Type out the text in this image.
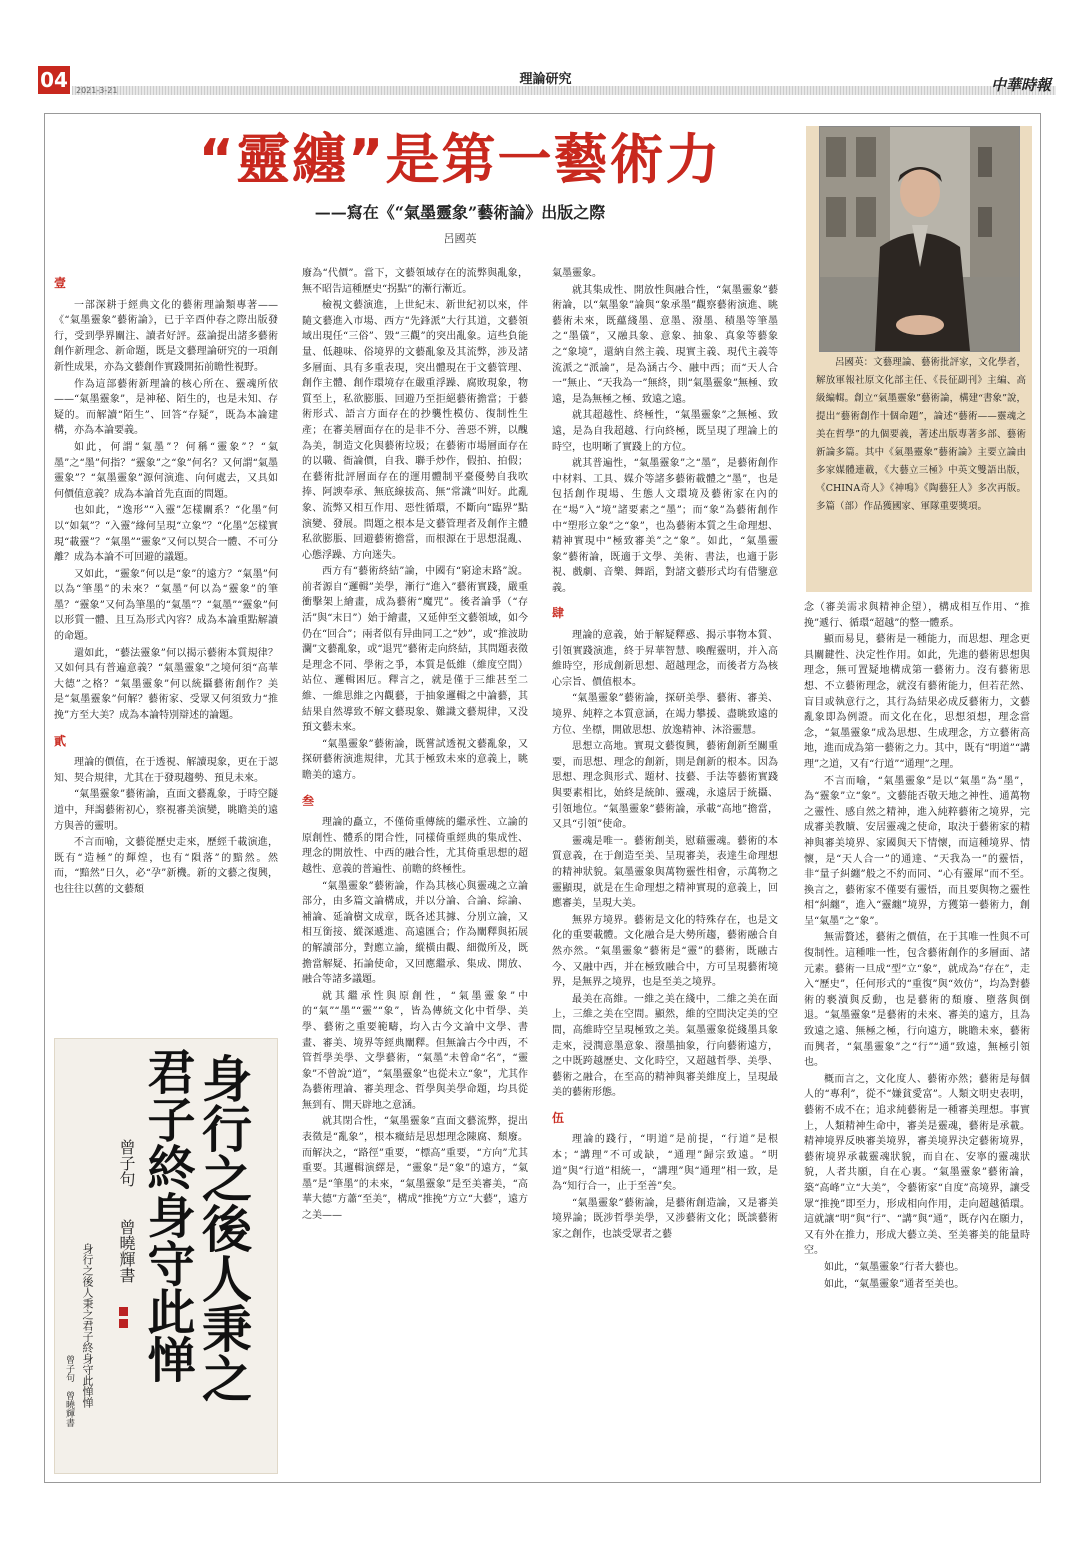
04 2021-3-21
理論研究	中華時報
“靈纏”是第一藝術力
——寫在《“氣墨靈象”藝術論》出版之際
呂國英
壹

一部深耕于經典文化的藝術理論類專著——《“氣墨靈象”藝術論》，已于辛酉仲春之際出版發行，受到學界關注、讀者好評。茲論提出諸多藝術創作新理念、新命題，既是文藝理論研究的一項創新性成果，亦為文藝創作實踐開拓前瞻性視野。

作為這部藝術新理論的核心所在、靈魂所依——“氣墨靈象”，是神秘、陌生的，也是未知、存疑的。而解讀“陌生”、回答“存疑”，既為本論建構，亦為本論要義。

如此，何謂“氣墨”？何稱“靈象”？“氣墨”之“墨”何指？“靈象”之“象”何名？又何謂“氣墨靈象”？“氣墨靈象”源何演進、向何處去，又具如何價值意義？成為本論首先直面的問題。

也如此，“逸形”“入靈”怎樣關系？“化墨”何以“如氣”？“入靈”緣何呈現“立象”？“化墨”怎樣實現“載靈”？“氣墨”“靈象”又何以契合一體、不可分離？成為本論不可回避的議題。

又如此，“靈象”何以是“象”的遠方？“氣墨”何以為“筆墨”的未來？“氣墨”何以為“靈象”的筆墨？“靈象”又何為筆墨的“氣墨”？“氣墨”“靈象”何以形質一體、且互為形式內容？成為本論重點解讀的命題。

還如此，“藝法靈象”何以揭示藝術本質規律？又如何具有普遍意義？“氣墨靈象”之境何須“高華大德”之格？“氣墨靈象”何以統攝藝術創作？美是“氣墨靈象”何解？藝術家、受眾又何須致力“推挽”方至大美？成為本論特別辯述的論題。

貳

理論的價值，在于透視、解讀現象，更在于認知、契合規律，尤其在于發現趨勢、預見未來。

“氣墨靈象”藝術論，直面文藝亂象，于時空隧道中，拜謁藝術初心，察視審美演變，眺瞻美的遠方與善的靈明。

不言而喻，文藝從歷史走來，歷經千載演進，既有“造極”的輝煌，也有“隕落”的黯然。然而，“黯然”日久，必“孕”新機。新的文藝之復興，也往往以舊的文藝頹

廢為“代價”。當下，文藝領域存在的流弊與亂象，無不昭告這種歷史“拐點”的漸行漸近。

檢視文藝演進，上世紀末、新世紀初以來，伴隨文藝進入市場、西方“先鋒派”大行其道，文藝領域出現任“三俗”、毀“三觀”的突出亂象。這些負能量、低趣味、俗境界的文藝亂象及其流弊，涉及諸多層面、具有多重表現，突出體現在于文藝管理、創作主體、創作環境存在嚴重浮躁、腐敗現象，物質至上，私欲膨脹、回避乃至拒絕藝術擔當；于藝術形式、語言方面存在的抄襲性模仿、復制性生產；在審美層面存在的是非不分、善惡不辨，以醜為美，制造文化與藝術垃圾；在藝術市場層面存在的以職、衙論價，自我、聯手炒作，假拍、拍假；在藝術批評層面存在的運用體制平臺優勢自我吹捧、阿諛奉承、無底線拔高、無“常識”叫好。此亂象、流弊又相互作用、惡性循環，不斷向“臨界”點演變、發展。問題之根本是文藝管理者及創作主體私欲膨脹、回避藝術擔當，而根源在于思想混亂、心態浮躁、方向迷失。

西方有“藝術終結”論，中國有“窮途末路”說。前者源自“邏輯”美學，漸行“進入”藝術實踐，嚴重衝擊架上繪畫，成為藝術“魔咒”。後者論爭（“存活”與“末日”）始于繪畫，又延伸至文藝領域，如今仍在“回合”；兩者似有异曲同工之“妙”，或“推波助瀾”文藝亂象，或“退咒”藝術走向終結，其問題表徵是理念不同、學術之爭，本質是低維（維度空間）站位、邏輯困厄。釋言之，就是僅于三維甚至二維、一維思維之內觀藝，于抽象邏輯之中論藝，其結果自然導致不解文藝現象、難識文藝規律，又没預文藝未來。

“氣墨靈象”藝術論，既嘗試透視文藝亂象，又探研藝術演進規律，尤其于極致未來的意義上，眺瞻美的遠方。

叁

理論的矗立，不僅倚重傳統的繼承性、立論的原創性、體系的閉合性，同樣倚重經典的集成性、理念的開放性、中西的融合性，尤其倚重思想的超越性、意義的普遍性、前瞻的終極性。

“氣墨靈象”藝術論，作為其核心與靈魂之立論部分，由多篇文論構成，并以分論、合論、綜論、補論、延論樹文成章，既各述其據、分別立論，又相互銜接、縱深遞進、高遠匯合；作為闡釋與拓展的解讀部分，對應立論，縱橫由觀、細微所及，既擔當解疑、拓論使命，又回應繼承、集成、開放、融合等諸多議題。

就其繼承性與原創性，“氣墨靈象”中的“氣”“墨”“靈”“象”，皆為傳統文化中哲學、美學、藝術之重要範疇，均入古今文論中文學、書畫、審美、境界等經典闡釋。但無論古今中西，不管哲學美學、文學藝術，“氣墨”未曾命“名”，“靈象”不曾說“道”，“氣墨靈象”也從未立“象”，尤其作為藝術理論、審美理念、哲學與美學命題，均具從無到有、開天辟地之意涵。

就其閉合性，“氣墨靈象”直面文藝流弊，提出表徵是“亂象”，根本癥結是思想理念陳腐、頹廢。而解決之，“路徑”重要，“標高”重要，“方向”尤其重要。其邏輯演繹是，“靈象”是“象”的遠方，“氣墨”是“筆墨”的未來，“氣墨靈象”是至美審美，“高華大德”方蕭“至美”，構成“推挽”方立“大藝”，遠方之美——

氣墨靈象。

就其集成性、開放性與融合性，“氣墨靈象”藝術論，以“氣墨象”論與“象承墨”觀察藝術演進、眺藝術未來，既蘊綫墨、意墨、潑墨、積墨等筆墨之“墨儀”，又融具象、意象、抽象、真象等藝象之“象境”，還納自然主義、現實主義、現代主義等流派之“派論”，是為涵古今、融中西；而“天人合一”無止、“天我為一”無終，則“氣墨靈象”無極、致遠，是為無極之極、致遠之遠。

就其超越性、終極性，“氣墨靈象”之無極、致遠，是為自我超越、行向終極，既呈現了理論上的時空，也明晰了實踐上的方位。

就其普遍性，“氣墨靈象”之“墨”，是藝術創作中材料、工具、媒介等諸多藝術載體之“墨”，也是包括創作現場、生態人文環境及藝術家在內的在“場”入“境”諸要素之“墨”；而“象”為藝術創作中“塑形立象”之“象”，也為藝術本質之生命理想、精神實現中“極致審美”之“象”。如此，“氣墨靈象”藝術論，既適于文學、美術、書法，也適于影視、戲劇、音樂、舞蹈，對諸文藝形式均有借鑒意義。

肆

理論的意義，始于解疑釋惑、揭示事物本質、引領實踐演進，終于昇華智慧、喚醒靈明，并入高維時空，形成創新思想、超越理念，而後者方為核心宗旨、價值根本。

“氣墨靈象”藝術論，探研美學、藝術、審美、境界、純粹之本質意涵，在竭力攀援、盡眺致遠的方位、坐標，開啟思想、放逸精神、沐浴靈慧。

思想立高地。實現文藝復興，藝術創新至關重要，而思想、理念的創新，則是創新的根本。因為思想、理念與形式、題材、技藝、手法等藝術實踐與要素相比，始終是統帥、靈魂，永遠居于統攝、引領地位。“氣墨靈象”藝術論，承載“高地”擔當，又具“引領”使命。

靈魂是唯一。藝術創美，慰藉靈魂。藝術的本質意義，在于創造至美、呈現審美，表達生命理想的精神狀貌。氣墨靈象與萬物靈性相會，示萬物之靈顯現，就是在生命理想之精神實現的意義上，回應審美，呈現大美。

無界方境界。藝術是文化的特殊存在，也是文化的重要載體。文化融合是大勢所趨，藝術融合自然亦然。“氣墨靈象”藝術是“靈”的藝術，既融古今、又融中西，并在極致融合中，方可呈現藝術境界，是無界之境界，也是至美之境界。

最美在高維。一維之美在綫中，二維之美在面上，三維之美在空間。顯然，維的空間決定美的空間，高維時空呈現極致之美。氣墨靈象從綫墨具象走來，浸潤意墨意象、潑墨抽象，行向藝術遠方，之中既跨越歷史、文化時空，又超越哲學、美學、藝術之融合，在至高的精神與審美維度上，呈現最美的藝術形態。

伍

理論的踐行，“明道”是前提，“行道”是根本；“講理”不可或缺，“通理”歸宗致遠。“明道”與“行道”相統一，“講理”與“通理”相一致，是為“知行合一，止于至善”矣。

“氣墨靈象”藝術論，是藝術創造論，又是審美境界論；既涉哲學美學，又涉藝術文化；既談藝術家之創作，也談受眾者之藝

呂國英：文藝理論、藝術批評家，文化學者，解放軍報社原文化部主任、《長征副刊》主編、高級編輯。創立“氣墨靈象”藝術論，構建“書象”說，提出“藝術創作十個命題”，論述“藝術——靈魂之美在哲學”的九個要義，著述出版專著多部、藝術新論多篇。其中《氣墨靈象”藝術論》主要立論由多家媒體連載，《大藝立三極》中英文雙語出版，《CHINA奇人》《神鳴》《陶藝狂人》多次再版。多篇（部）作品獲國家、軍隊重要獎項。

念（審美需求與精神企望），構成相互作用、“推挽”遞行、循環“超越”的整一體系。

顯而易見，藝術是一種能力，而思想、理念更具關鍵性、決定性作用。如此，先進的藝術思想與理念，無可置疑地構成第一藝術力。沒有藝術思想、不立藝術理念，就沒有藝術能力，但若茫然、盲目或執意行之，其行為結果必成反藝術力，文藝亂象即為例證。而文化在化，思想須想，理念當念，“氣墨靈象”成為思想、生成理念，方立藝術高地，進而成為第一藝術之力。其中，既有“明道”“講理”之道，又有“行道”“通理”之理。

不言而喻，“氣墨靈象”是以“氣墨”為“墨”，為“靈象”立“象”。文藝能否敬天地之神性、通萬物之靈性、感自然之精神，進入純粹藝術之境界，完成審美教贖、安居靈魂之使命，取決于藝術家的精神與審美境界、家國與天下情懷，而這種境界、情懷，是“天人合一”的通達、“天我為一”的靈悟，非“量子糾纏”般之不約而同、“心有靈犀”而不至。換言之，藝術家不僅要有靈悟，而且要與物之靈性相“糾纏”，進入“靈纏”境界，方獲第一藝術力，創呈“氣墨”之“象”。

無需贅述，藝術之價值，在于其唯一性與不可復制性。這種唯一性，包含藝術創作的多層面、諸元素。藝術一旦成“型”立“象”，就成為“存在”，走入“歷史”，任何形式的“重復”與“效仿”，均為對藝術的褻瀆與反動，也是藝術的頹廢、墮落與倒退。“氣墨靈象”是藝術的未來、審美的遠方，且為致遠之遠、無極之極，行向遠方，眺瞻未來，藝術而興者，“氣墨靈象”之“行”“通”致遠，無極引領也。

概而言之，文化度人、藝術亦然；藝術是每個人的“專利”，從不“嫌貧愛富”。人類文明史表明，藝術不成不在；追求純藝術是一種審美理想。事實上，人類精神生命中，審美是靈魂，藝術是承載。精神境界反映審美境界，審美境界決定藝術境界，藝術境界承載靈魂狀貌，而自在、安寧的靈魂狀貌，人者共願，自在心裏。“氣墨靈象”藝術論，築“高峰”立“大美”，令藝術家“自度”高境界，讓受眾“推挽”即至力，形成相向作用，走向超越循環。這就讓“明”與“行”、“講”與“通”，既存內在願力，又有外在推力，形成大藝立美、至美審美的能量時空。

如此，“氣墨靈象”行者大藝也。

如此，“氣墨靈象”通者至美也。

身行之後人秉之
君子終身守此惮
曾子句
曾曉輝書
身行之後人秉之君子終身守此惮惮
曾子句　曾曉輝書
